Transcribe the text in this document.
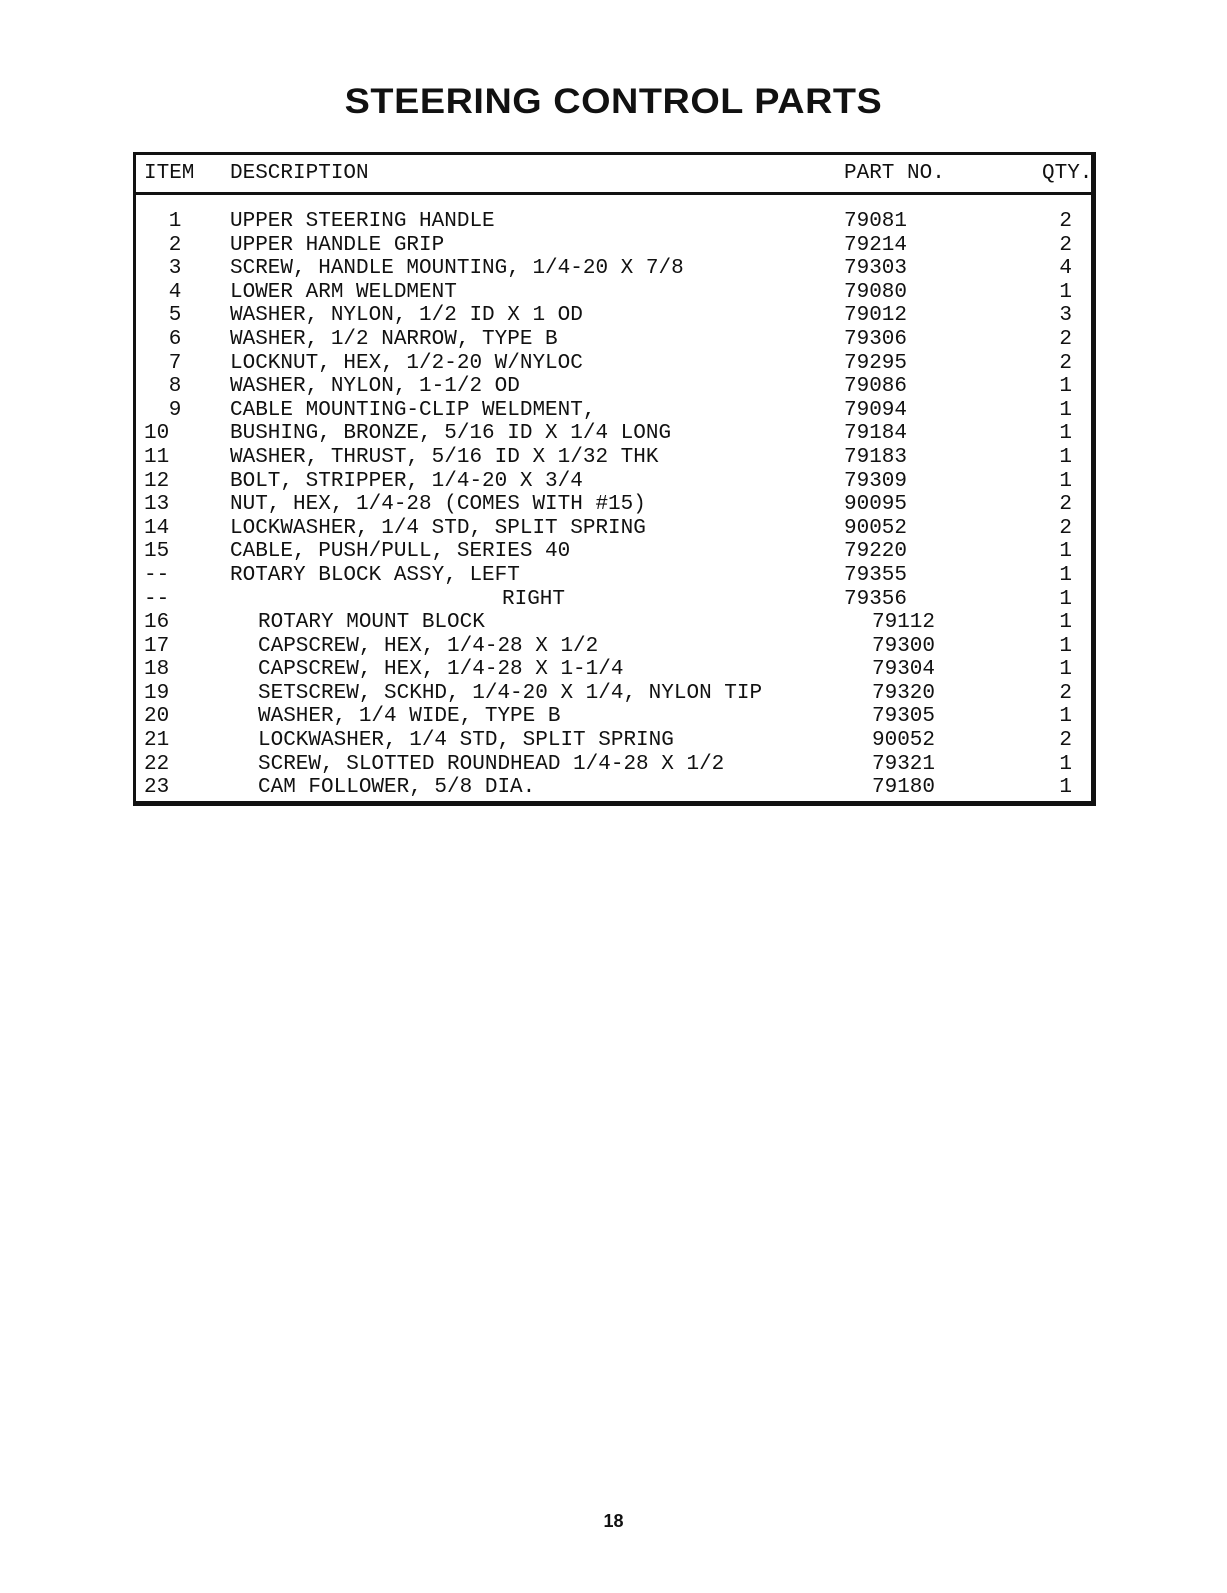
STEERING CONTROL PARTS
ITEM DESCRIPTION	PART NO.	QTY.
1	UPPER STEERING HANDLE	79081	2
2	UPPER HANDLE GRIP	79214	2
3	SCREW, HANDLE MOUNTING, 1/4-20 X 7/8	79303	4
4	LOWER ARM WELDMENT	79080	1
5	WASHER, NYLON, 1/2 ID X 1 OD	79012	3
6	WASHER, 1/2 NARROW, TYPE B	79306	2
7	LOCKNUT, HEX, 1/2-20 W/NYLOC	79295	2
8	WASHER, NYLON, 1-1/2 OD	79086	1
9	CABLE MOUNTING-CLIP WELDMENT,	79094	1
10	BUSHING, BRONZE, 5/16 ID X 1/4 LONG	79184	1
11	WASHER, THRUST, 5/16 ID X 1/32 THK	79183	1
12	BOLT, STRIPPER, 1/4-20 X 3/4	79309	1
13	NUT, HEX, 1/4-28 (COMES WITH #15)	90095	2
14	LOCKWASHER, 1/4 STD, SPLIT SPRING	90052	2
15	CABLE, PUSH/PULL, SERIES 40	79220	1
--	ROTARY BLOCK ASSY, LEFT	79355	1
--	RIGHT	79356	1
16	ROTARY MOUNT BLOCK	79112	1
17	CAPSCREW, HEX, 1/4-28 X 1/2	79300	1
18	CAPSCREW, HEX, 1/4-28 X 1-1/4	79304	1
19	SETSCREW, SCKHD, 1/4-20 X 1/4, NYLON TIP	79320	2
20	WASHER, 1/4 WIDE, TYPE B	79305	1
21	LOCKWASHER, 1/4 STD, SPLIT SPRING	90052	2
22	SCREW, SLOTTED ROUNDHEAD 1/4-28 X 1/2	79321	1
23	CAM FOLLOWER, 5/8 DIA.	79180	1
18
